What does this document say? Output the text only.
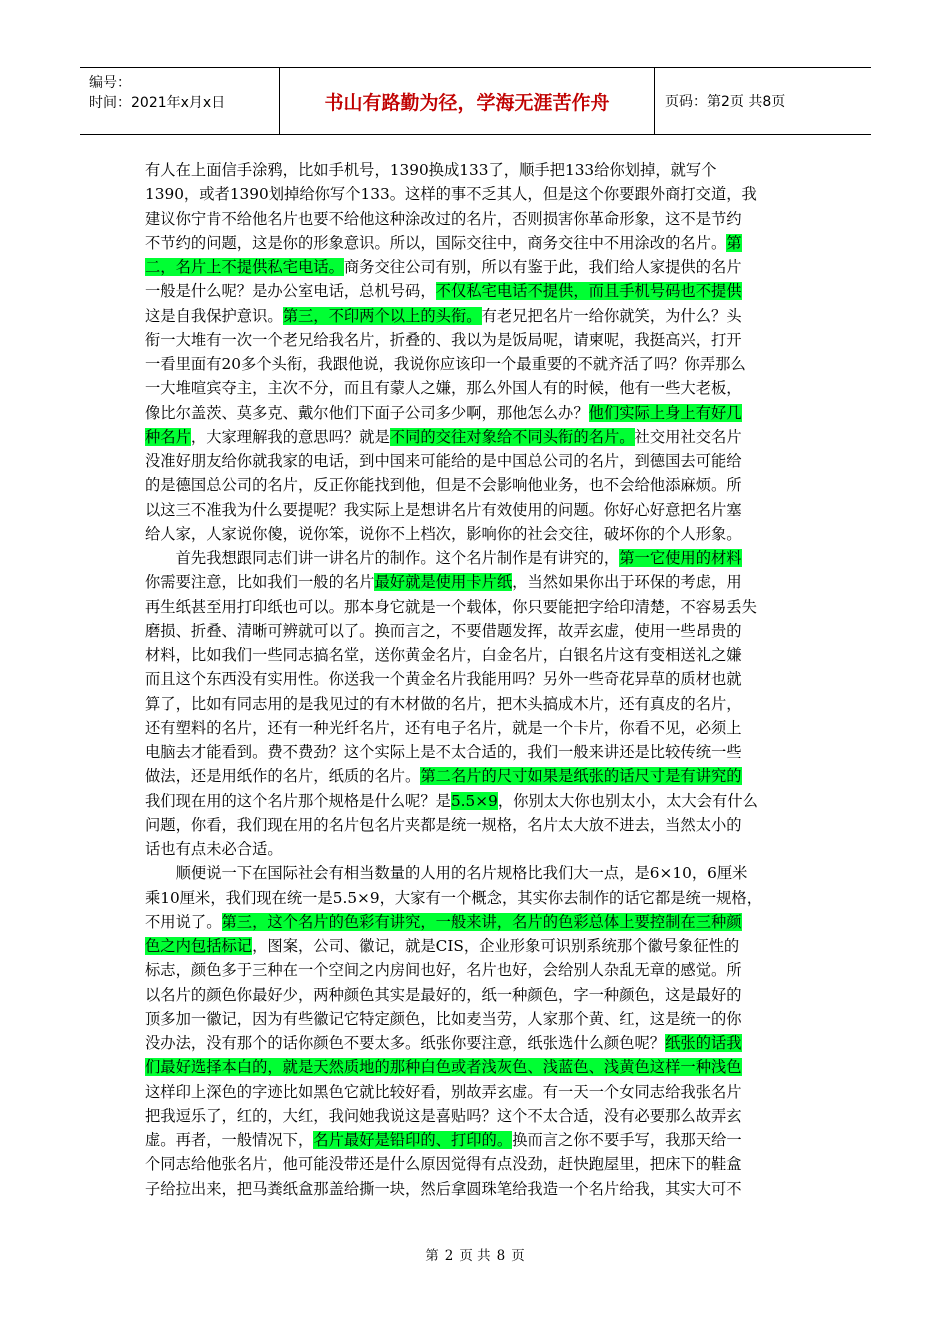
编号：
时间：2021年x月x日	书山有路勤为径，学海无涯苦作舟	页码：第2页 共8页
有人在上面信手涂鸦，比如手机号，1390换成133了，顺手把133给你划掉，就写个
1390，或者1390划掉给你写个133。这样的事不乏其人，但是这个你要跟外商打交道，我
建议你宁肯不给他名片也要不给他这种涂改过的名片，否则损害你革命形象，这不是节约
不节约的问题，这是你的形象意识。所以，国际交往中，商务交往中不用涂改的名片。第
二，名片上不提供私宅电话。商务交往公司有别，所以有鉴于此，我们给人家提供的名片
一般是什么呢？是办公室电话，总机号码，不仅私宅电话不提供，而且手机号码也不提供
这是自我保护意识。第三，不印两个以上的头衔。有老兄把名片一给你就笑，为什么？头
衔一大堆有一次一个老兄给我名片，折叠的、我以为是饭局呢，请柬呢，我挺高兴，打开
一看里面有20多个头衔，我跟他说，我说你应该印一个最重要的不就齐活了吗？你弄那么
一大堆喧宾夺主，主次不分，而且有蒙人之嫌，那么外国人有的时候，他有一些大老板，
像比尔盖茨、莫多克、戴尔他们下面子公司多少啊，那他怎么办？他们实际上身上有好几
种名片，大家理解我的意思吗？就是不同的交往对象给不同头衔的名片。社交用社交名片
没准好朋友给你就我家的电话，到中国来可能给的是中国总公司的名片，到德国去可能给
的是德国总公司的名片，反正你能找到他，但是不会影响他业务，也不会给他添麻烦。所
以这三不准我为什么要提呢？我实际上是想讲名片有效使用的问题。你好心好意把名片塞
给人家，人家说你傻，说你笨，说你不上档次，影响你的社会交往，破坏你的个人形象。
　　首先我想跟同志们讲一讲名片的制作。这个名片制作是有讲究的，第一它使用的材料
你需要注意，比如我们一般的名片最好就是使用卡片纸，当然如果你出于环保的考虑，用
再生纸甚至用打印纸也可以。那本身它就是一个载体，你只要能把字给印清楚，不容易丢失
磨损、折叠、清晰可辨就可以了。换而言之，不要借题发挥，故弄玄虚，使用一些昂贵的
材料，比如我们一些同志搞名堂，送你黄金名片，白金名片，白银名片这有变相送礼之嫌
而且这个东西没有实用性。你送我一个黄金名片我能用吗？另外一些奇花异草的质材也就
算了，比如有同志用的是我见过的有木材做的名片，把木头搞成木片，还有真皮的名片，
还有塑料的名片，还有一种光纤名片，还有电子名片，就是一个卡片，你看不见，必须上
电脑去才能看到。费不费劲？这个实际上是不太合适的，我们一般来讲还是比较传统一些
做法，还是用纸作的名片，纸质的名片。第二名片的尺寸如果是纸张的话尺寸是有讲究的
我们现在用的这个名片那个规格是什么呢？是5.5×9，你别太大你也别太小，太大会有什么
问题，你看，我们现在用的名片包名片夹都是统一规格，名片太大放不进去，当然太小的
话也有点未必合适。
　　顺便说一下在国际社会有相当数量的人用的名片规格比我们大一点，是6×10，6厘米
乘10厘米，我们现在统一是5.5×9，大家有一个概念，其实你去制作的话它都是统一规格，
不用说了。第三，这个名片的色彩有讲究，一般来讲，名片的色彩总体上要控制在三种颜
色之内包括标记，图案，公司、徽记，就是CIS，企业形象可识别系统那个徽号象征性的
标志，颜色多于三种在一个空间之内房间也好，名片也好，会给别人杂乱无章的感觉。所
以名片的颜色你最好少，两种颜色其实是最好的，纸一种颜色，字一种颜色，这是最好的
顶多加一徽记，因为有些徽记它特定颜色，比如麦当劳，人家那个黄、红，这是统一的你
没办法，没有那个的话你颜色不要太多。纸张你要注意，纸张选什么颜色呢？纸张的话我
们最好选择本白的，就是天然质地的那种白色或者浅灰色、浅蓝色、浅黄色这样一种浅色
这样印上深色的字迹比如黑色它就比较好看，别故弄玄虚。有一天一个女同志给我张名片
把我逗乐了，红的，大红，我问她我说这是喜贴吗？这个不太合适，没有必要那么故弄玄
虚。再者，一般情况下，名片最好是铅印的、打印的。换而言之你不要手写，我那天给一
个同志给他张名片，他可能没带还是什么原因觉得有点没劲，赶快跑屋里，把床下的鞋盒
子给拉出来，把马粪纸盒那盖给撕一块，然后拿圆珠笔给我造一个名片给我，其实大可不
第 2 页 共 8 页
